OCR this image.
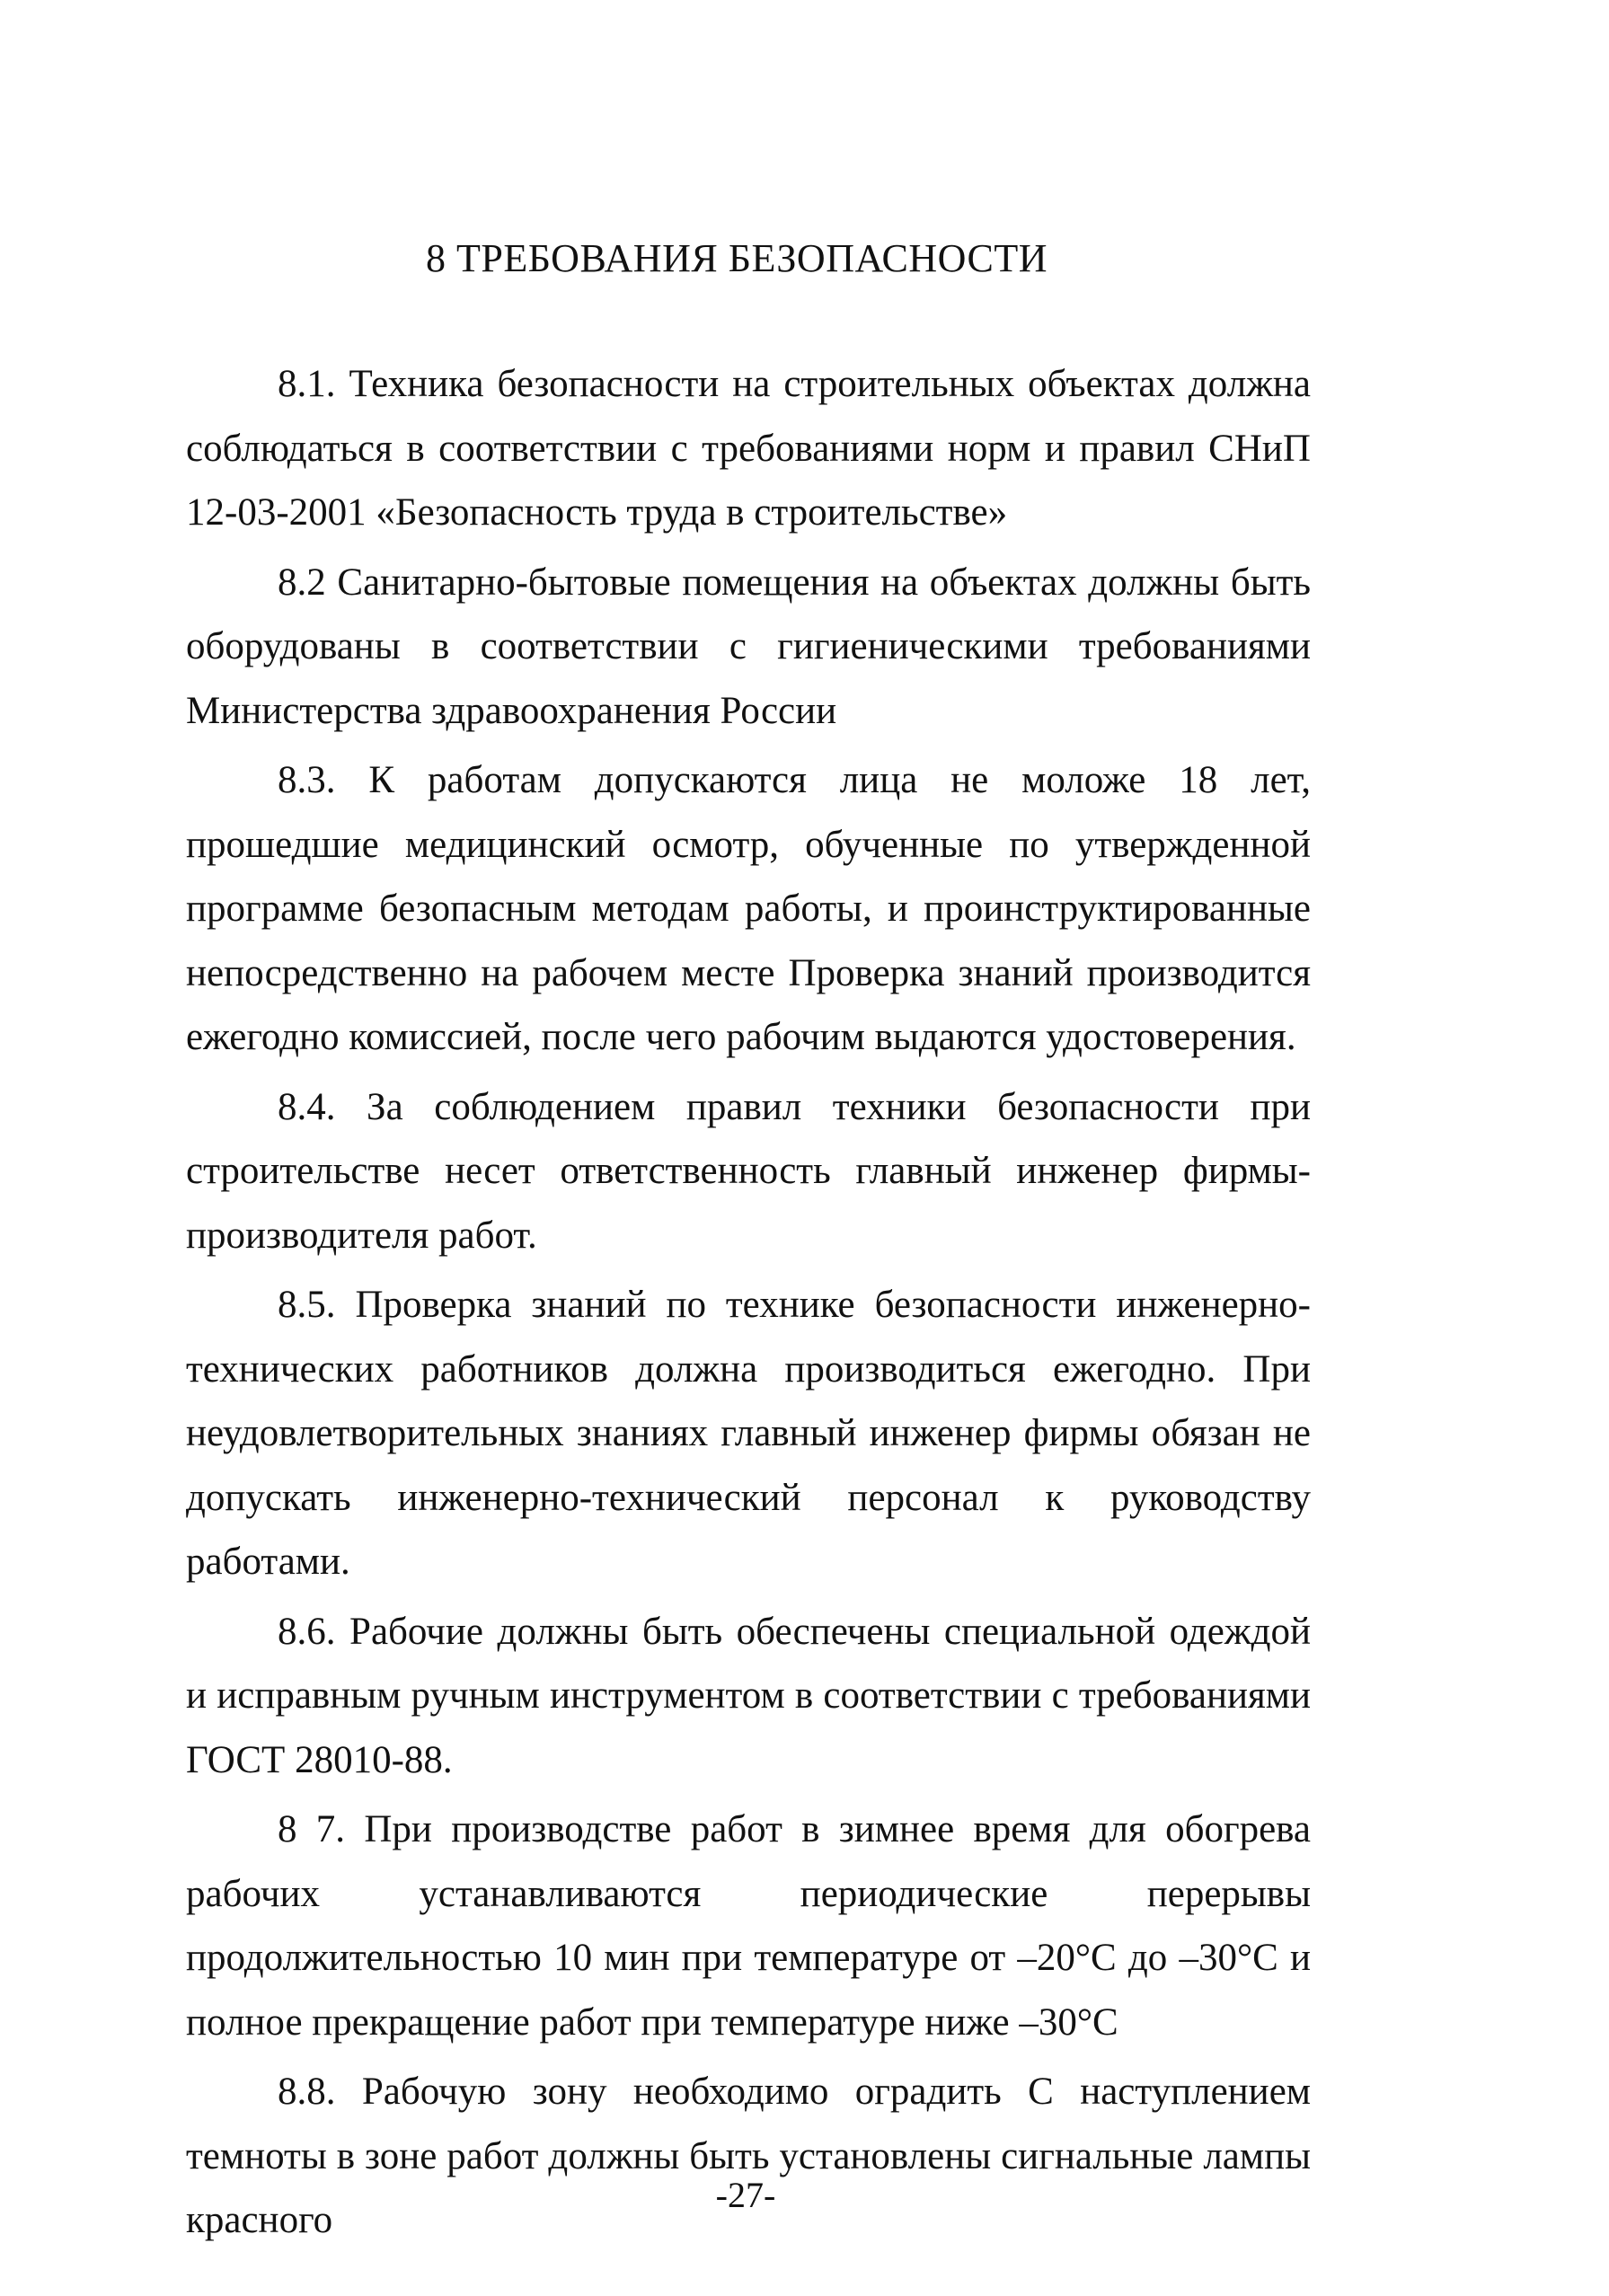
8 ТРЕБОВАНИЯ БЕЗОПАСНОСТИ

8.1. Техника безопасности на строительных объектах должна соблюдаться в соответствии с требованиями норм и правил СНиП 12-03-2001 «Безопасность труда в строительстве»

8.2 Санитарно-бытовые помещения на объектах должны быть оборудованы в соответствии с гигиеническими требованиями Министерства здравоохранения России

8.3. К работам допускаются лица не моложе 18 лет, прошедшие медицинский осмотр, обученные по утвержденной программе безопасным методам работы, и проинструктированные непосредственно на рабочем месте Проверка знаний производится ежегодно комиссией, после чего рабочим выдаются удостоверения.

8.4. За соблюдением правил техники безопасности при строительстве несет ответственность главный инженер фирмы-производителя работ.

8.5. Проверка знаний по технике безопасности инженерно-технических работников должна производиться ежегодно. При неудовлетворительных знаниях главный инженер фирмы обязан не допускать инженерно-технический персонал к руководству работами.

8.6. Рабочие должны быть обеспечены специальной одеждой и исправным ручным инструментом в соответствии с требованиями ГОСТ 28010-88.

8 7. При производстве работ в зимнее время для обогрева рабочих устанавливаются периодические перерывы продолжительностью 10 мин при температуре от –20°С до –30°С и полное прекращение работ при температуре ниже –30°С

8.8. Рабочую зону необходимо оградить С наступлением темноты в зоне работ должны быть установлены сигнальные лампы красного

-27-
